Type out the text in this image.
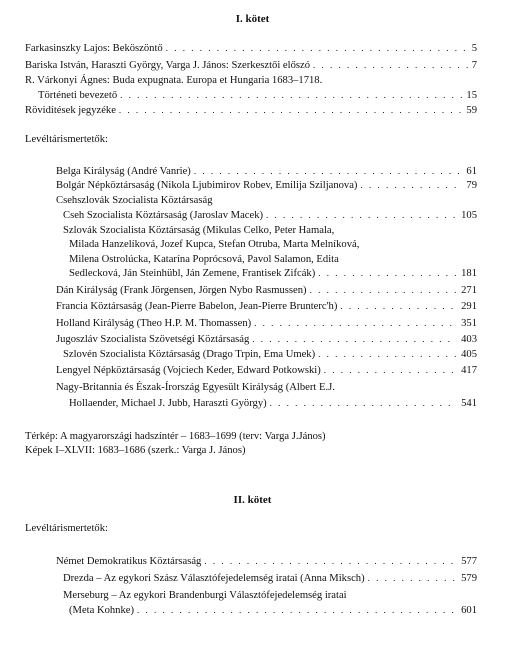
I. kötet
Farkasinszky Lajos: Beköszöntő . . .	5
Bariska István, Haraszti György, Varga J. János: Szerkesztői előszó . . .	7
R. Várkonyi Ágnes: Buda expugnata. Europa et Hungaria 1683–1718.
Történeti bevezető . . .	15
Rövidítések jegyzéke . . .	59
Levéltárismertetők:
Belga Királyság (André Vanrie) . . .	61
Bolgár Népköztársaság (Nikola Ljubimirov Robev, Emilija Sziljanova) . . .	79
Csehszlovák Szocialista Köztársaság
Cseh Szocialista Köztársaság (Jaroslav Macek) . . .	105
Szlovák Szocialista Köztársaság (Mikulas Celko, Peter Hamala,
Milada Hanzelíková, Jozef Kupca, Stefan Otruba, Marta Melníková,
Milena Ostrolúcka, Katarína Poprócsová, Pavol Salamon, Edita
Sedlecková, Ján Steinhübl, Ján Zemene, Frantisek Zifcák) . . .	181
Dán Királyság (Frank Jörgensen, Jörgen Nybo Rasmussen) . . .	271
Francia Köztársaság (Jean-Pierre Babelon, Jean-Pierre Brunterc'h) . . .	291
Holland Királyság (Theo H.P. M. Thomassen) . . .	351
Jugoszláv Szocialista Szövetségi Köztársaság . . .	403
Szlovén Szocialista Köztársaság (Drago Trpin, Ema Umek) . . .	405
Lengyel Népköztársaság (Vojciech Keder, Edward Potkowski) . . .	417
Nagy-Britannia és Észak-Írország Egyesült Királyság (Albert E.J.
Hollaender, Michael J. Jubb, Haraszti György) . . .	541
Térkép: A magyarországi hadszíntér – 1683–1699 (terv: Varga J.János)
Képek I–XLVII: 1683–1686 (szerk.: Varga J. János)
II. kötet
Levéltárismertetők:
Német Demokratikus Köztársaság . . .	577
Drezda – Az egykori Szász Választófejedelemség iratai (Anna Miksch) . . .	579
Merseburg – Az egykori Brandenburgi Választófejedelemség iratai
(Meta Kohnke) . . .	601
